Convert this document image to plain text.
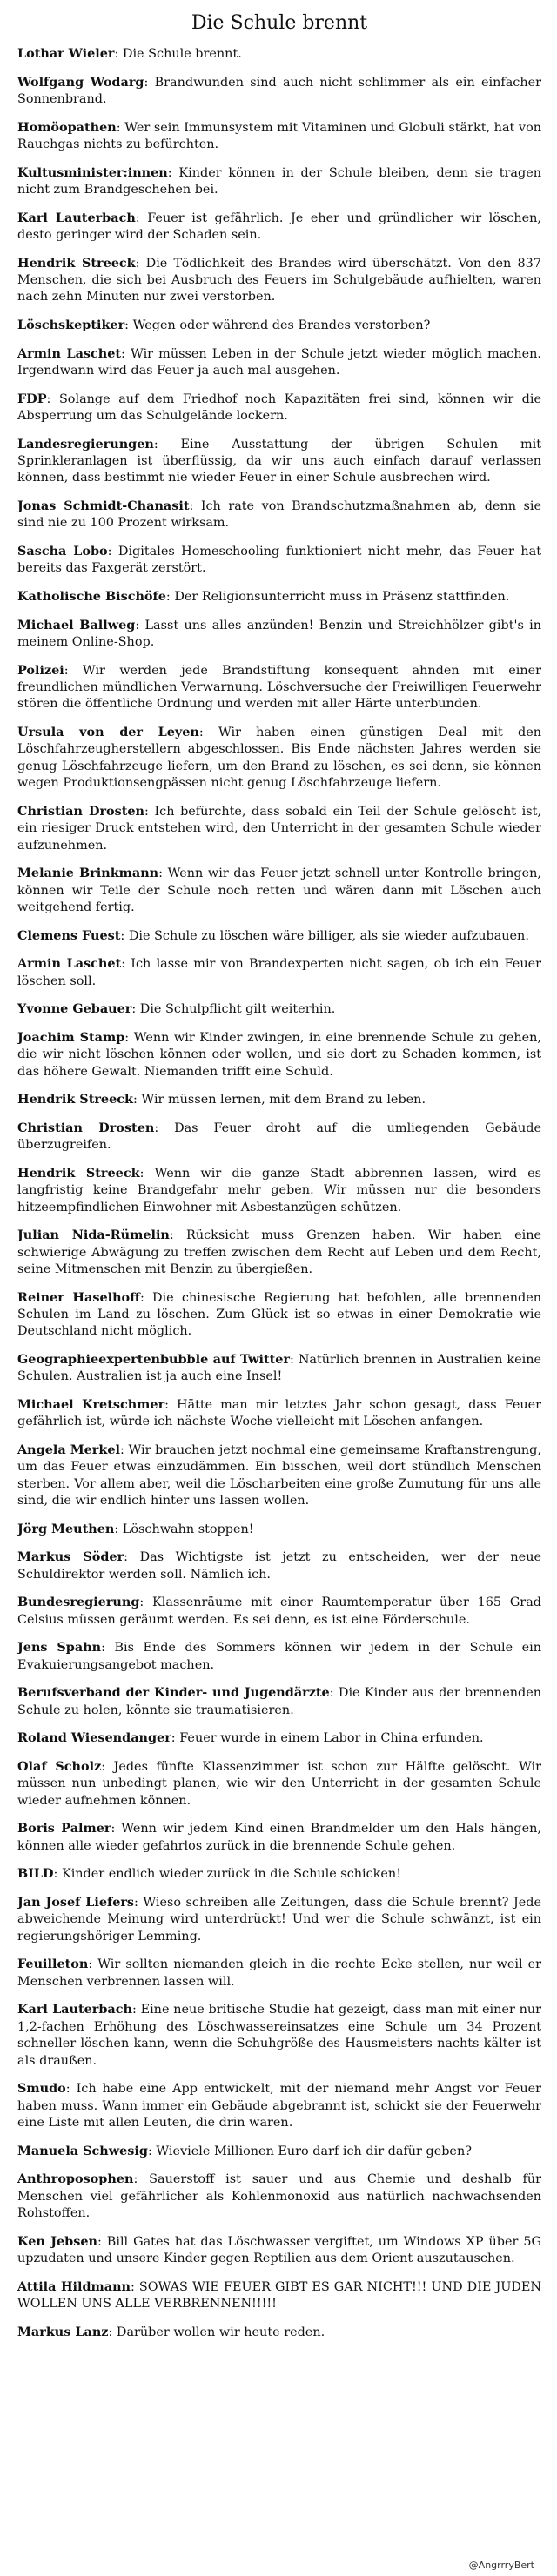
Die Schule brennt

Lothar Wieler: Die Schule brennt.

Wolfgang Wodarg: Brandwunden sind auch nicht schlimmer als ein einfacher Sonnenbrand.

Homöopathen: Wer sein Immunsystem mit Vitaminen und Globuli stärkt, hat von Rauchgas nichts zu befürchten.

Kultusminister:innen: Kinder können in der Schule bleiben, denn sie tragen nicht zum Brandgeschehen bei.

Karl Lauterbach: Feuer ist gefährlich. Je eher und gründlicher wir löschen, desto geringer wird der Schaden sein.

Hendrik Streeck: Die Tödlichkeit des Brandes wird überschätzt. Von den 837 Menschen, die sich bei Ausbruch des Feuers im Schulgebäude aufhielten, waren nach zehn Minuten nur zwei verstorben.

Löschskeptiker: Wegen oder während des Brandes verstorben?

Armin Laschet: Wir müssen Leben in der Schule jetzt wieder möglich machen. Irgendwann wird das Feuer ja auch mal ausgehen.

FDP: Solange auf dem Friedhof noch Kapazitäten frei sind, können wir die Absperrung um das Schulgelände lockern.

Landesregierungen: Eine Ausstattung der übrigen Schulen mit Sprinkleranlagen ist überflüssig, da wir uns auch einfach darauf verlassen können, dass bestimmt nie wieder Feuer in einer Schule ausbrechen wird.

Jonas Schmidt-Chanasit: Ich rate von Brandschutzmaßnahmen ab, denn sie sind nie zu 100 Prozent wirksam.

Sascha Lobo: Digitales Homeschooling funktioniert nicht mehr, das Feuer hat bereits das Faxgerät zerstört.

Katholische Bischöfe: Der Religionsunterricht muss in Präsenz stattfinden.

Michael Ballweg: Lasst uns alles anzünden! Benzin und Streichhölzer gibt's in meinem Online-Shop.

Polizei: Wir werden jede Brandstiftung konsequent ahnden mit einer freundlichen mündlichen Verwarnung. Löschversuche der Freiwilligen Feuerwehr stören die öffentliche Ordnung und werden mit aller Härte unterbunden.

Ursula von der Leyen: Wir haben einen günstigen Deal mit den Löschfahrzeugherstellern abgeschlossen. Bis Ende nächsten Jahres werden sie genug Löschfahrzeuge liefern, um den Brand zu löschen, es sei denn, sie können wegen Produktionsengpässen nicht genug Löschfahrzeuge liefern.

Christian Drosten: Ich befürchte, dass sobald ein Teil der Schule gelöscht ist, ein riesiger Druck entstehen wird, den Unterricht in der gesamten Schule wieder aufzunehmen.

Melanie Brinkmann: Wenn wir das Feuer jetzt schnell unter Kontrolle bringen, können wir Teile der Schule noch retten und wären dann mit Löschen auch weitgehend fertig.

Clemens Fuest: Die Schule zu löschen wäre billiger, als sie wieder aufzubauen.

Armin Laschet: Ich lasse mir von Brandexperten nicht sagen, ob ich ein Feuer löschen soll.

Yvonne Gebauer: Die Schulpflicht gilt weiterhin.

Joachim Stamp: Wenn wir Kinder zwingen, in eine brennende Schule zu gehen, die wir nicht löschen können oder wollen, und sie dort zu Schaden kommen, ist das höhere Gewalt. Niemanden trifft eine Schuld.

Hendrik Streeck: Wir müssen lernen, mit dem Brand zu leben.

Christian Drosten: Das Feuer droht auf die umliegenden Gebäude überzugreifen.

Hendrik Streeck: Wenn wir die ganze Stadt abbrennen lassen, wird es langfristig keine Brandgefahr mehr geben. Wir müssen nur die besonders hitzeempfindlichen Einwohner mit Asbestanzügen schützen.

Julian Nida-Rümelin: Rücksicht muss Grenzen haben. Wir haben eine schwierige Abwägung zu treffen zwischen dem Recht auf Leben und dem Recht, seine Mitmenschen mit Benzin zu übergießen.

Reiner Haselhoff: Die chinesische Regierung hat befohlen, alle brennenden Schulen im Land zu löschen. Zum Glück ist so etwas in einer Demokratie wie Deutschland nicht möglich.

Geographieexpertenbubble auf Twitter: Natürlich brennen in Australien keine Schulen. Australien ist ja auch eine Insel!

Michael Kretschmer: Hätte man mir letztes Jahr schon gesagt, dass Feuer gefährlich ist, würde ich nächste Woche vielleicht mit Löschen anfangen.

Angela Merkel: Wir brauchen jetzt nochmal eine gemeinsame Kraftanstrengung, um das Feuer etwas einzudämmen. Ein bisschen, weil dort stündlich Menschen sterben. Vor allem aber, weil die Löscharbeiten eine große Zumutung für uns alle sind, die wir endlich hinter uns lassen wollen.

Jörg Meuthen: Löschwahn stoppen!

Markus Söder: Das Wichtigste ist jetzt zu entscheiden, wer der neue Schuldirektor werden soll. Nämlich ich.

Bundesregierung: Klassenräume mit einer Raumtemperatur über 165 Grad Celsius müssen geräumt werden. Es sei denn, es ist eine Förderschule.

Jens Spahn: Bis Ende des Sommers können wir jedem in der Schule ein Evakuierungsangebot machen.

Berufsverband der Kinder- und Jugendärzte: Die Kinder aus der brennenden Schule zu holen, könnte sie traumatisieren.

Roland Wiesendanger: Feuer wurde in einem Labor in China erfunden.

Olaf Scholz: Jedes fünfte Klassenzimmer ist schon zur Hälfte gelöscht. Wir müssen nun unbedingt planen, wie wir den Unterricht in der gesamten Schule wieder aufnehmen können.

Boris Palmer: Wenn wir jedem Kind einen Brandmelder um den Hals hängen, können alle wieder gefahrlos zurück in die brennende Schule gehen.

BILD: Kinder endlich wieder zurück in die Schule schicken!

Jan Josef Liefers: Wieso schreiben alle Zeitungen, dass die Schule brennt? Jede abweichende Meinung wird unterdrückt! Und wer die Schule schwänzt, ist ein regierungshöriger Lemming.

Feuilleton: Wir sollten niemanden gleich in die rechte Ecke stellen, nur weil er Menschen verbrennen lassen will.

Karl Lauterbach: Eine neue britische Studie hat gezeigt, dass man mit einer nur 1,2-fachen Erhöhung des Löschwassereinsatzes eine Schule um 34 Prozent schneller löschen kann, wenn die Schuhgröße des Hausmeisters nachts kälter ist als draußen.

Smudo: Ich habe eine App entwickelt, mit der niemand mehr Angst vor Feuer haben muss. Wann immer ein Gebäude abgebrannt ist, schickt sie der Feuerwehr eine Liste mit allen Leuten, die drin waren.

Manuela Schwesig: Wieviele Millionen Euro darf ich dir dafür geben?

Anthroposophen: Sauerstoff ist sauer und aus Chemie und deshalb für Menschen viel gefährlicher als Kohlenmonoxid aus natürlich nachwachsenden Rohstoffen.

Ken Jebsen: Bill Gates hat das Löschwasser vergiftet, um Windows XP über 5G upzudaten und unsere Kinder gegen Reptilien aus dem Orient auszutauschen.

Attila Hildmann: SOWAS WIE FEUER GIBT ES GAR NICHT!!! UND DIE JUDEN WOLLEN UNS ALLE VERBRENNEN!!!!!

Markus Lanz: Darüber wollen wir heute reden.

@AngrrryBert
